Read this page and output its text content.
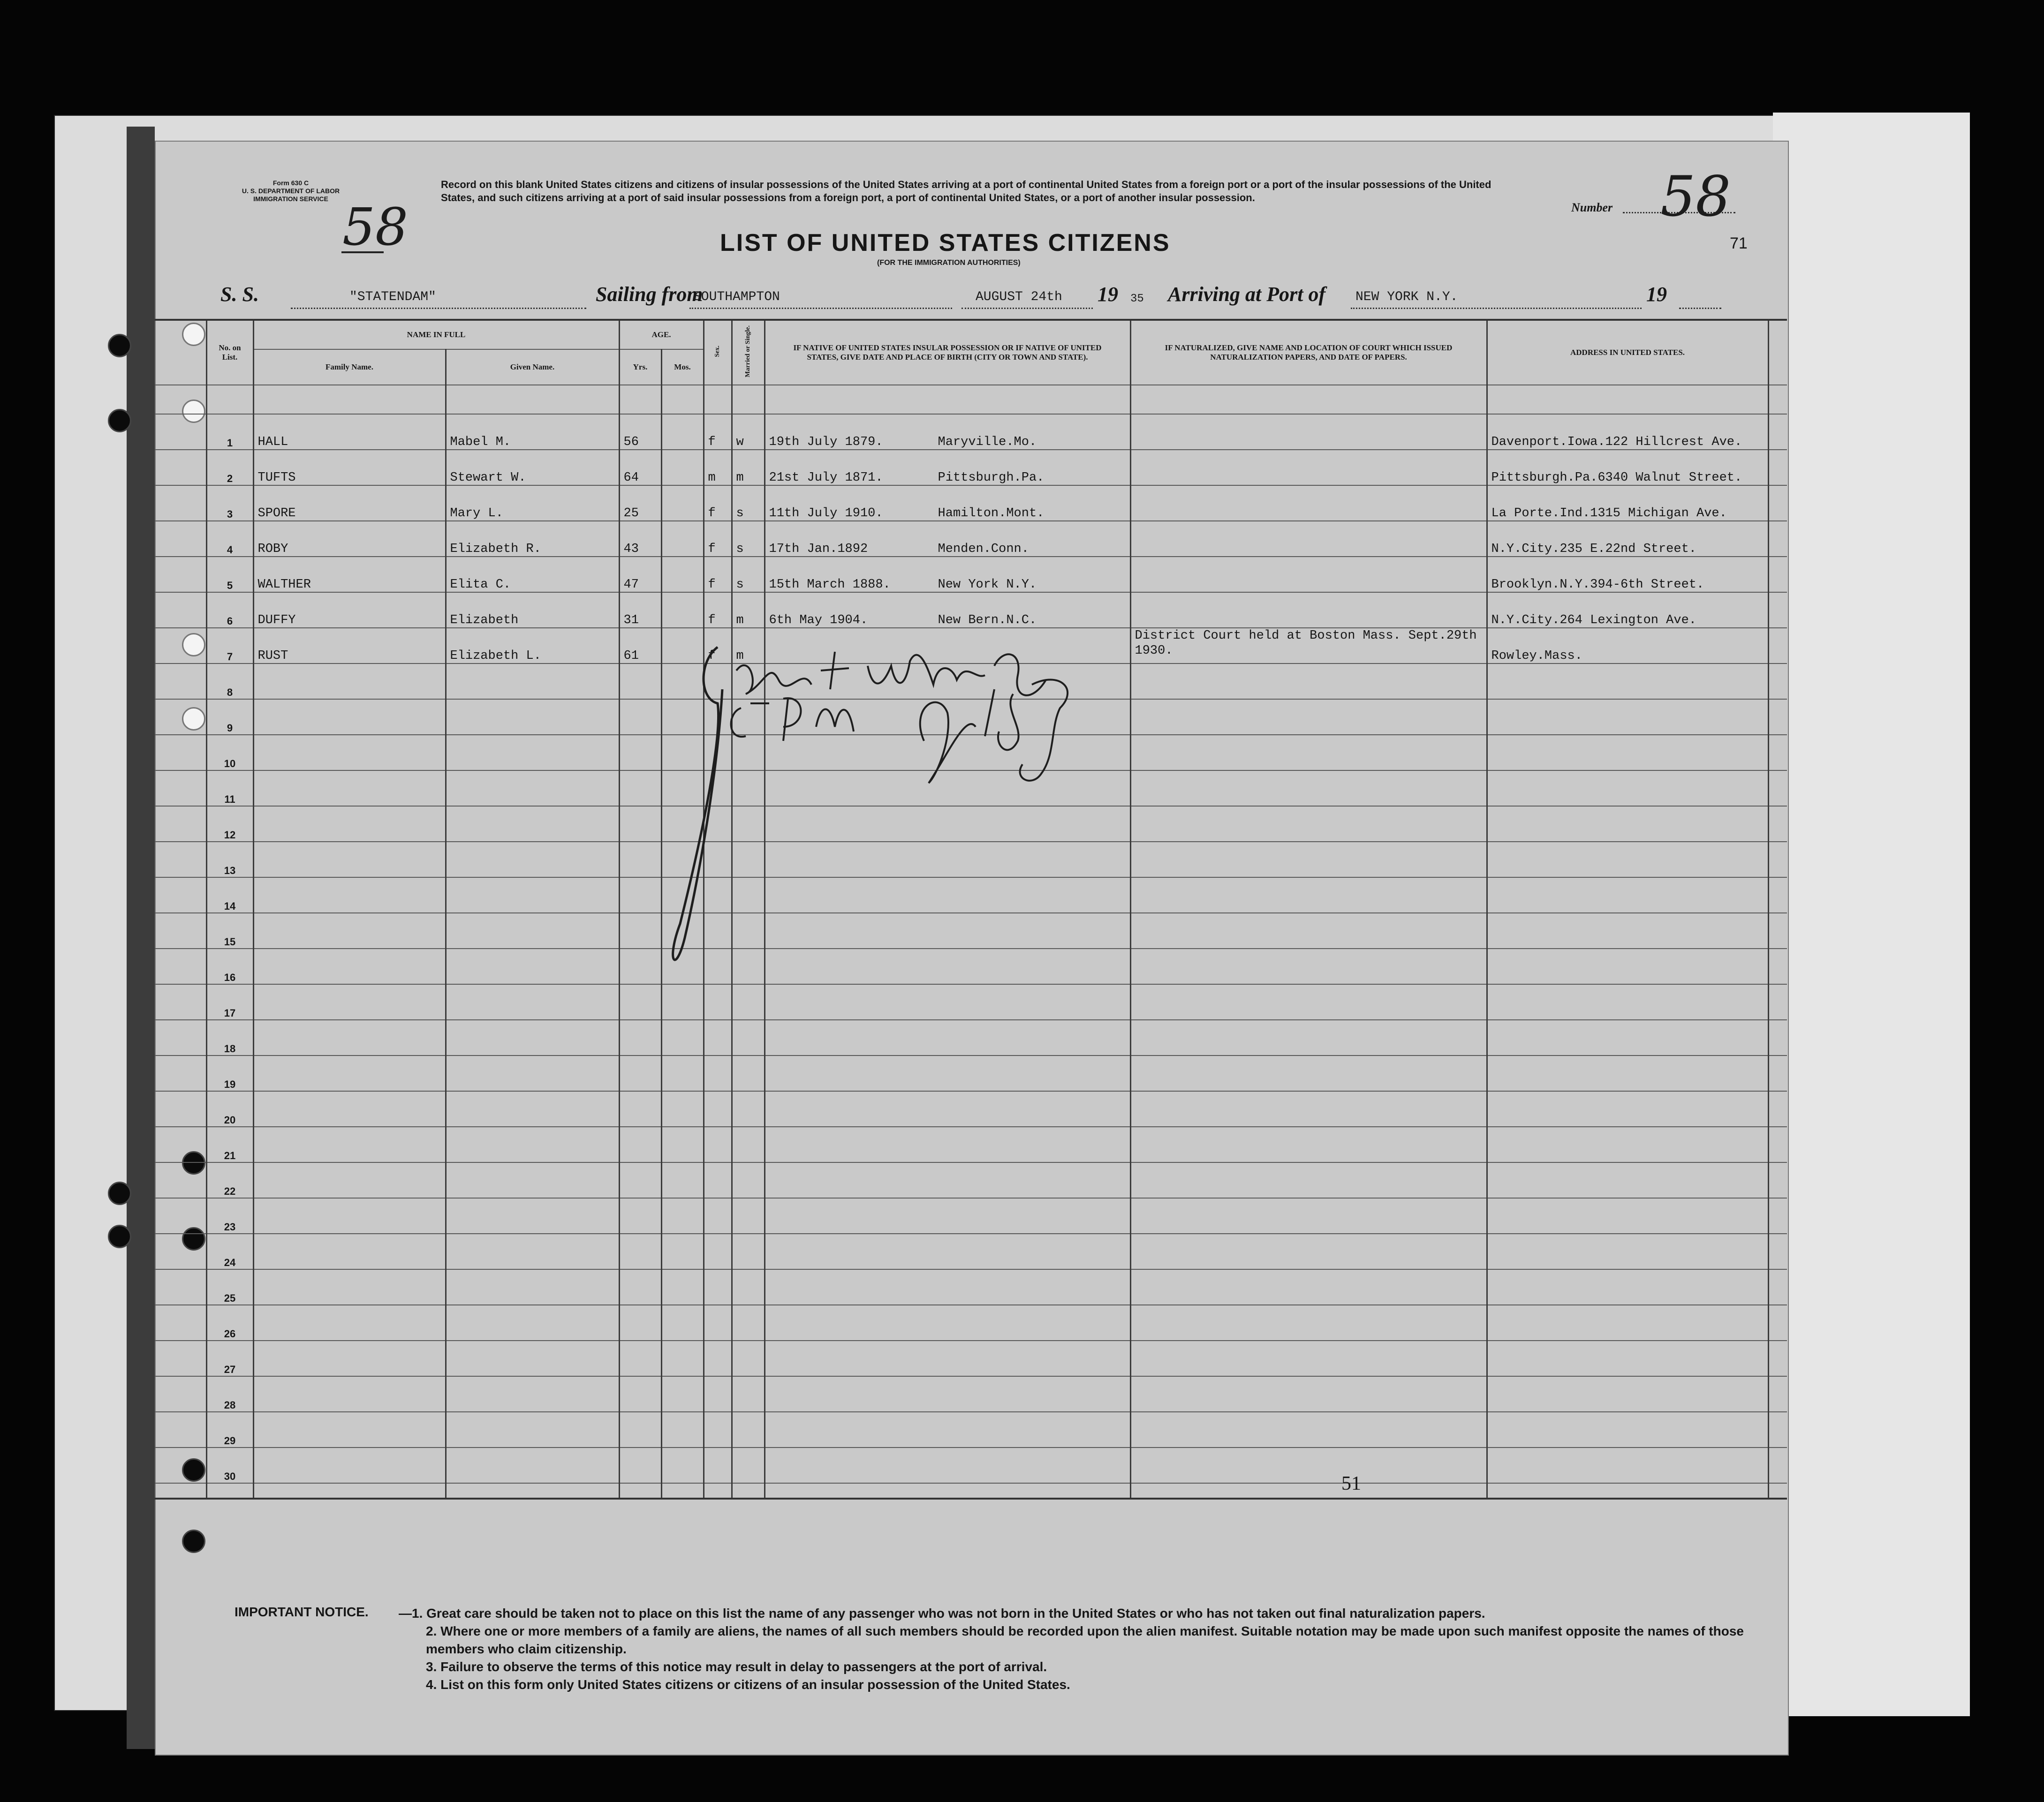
Form 630 C
U. S. DEPARTMENT OF LABOR
IMMIGRATION SERVICE 58
Record on this blank United States citizens and citizens of insular possessions of the United States arriving at a port of continental United States from a foreign port or a port of the insular possessions of the United States, and such citizens arriving at a port of said insular possessions from a foreign port, a port of continental United States, or a port of another insular possession.
Number 58
LIST OF UNITED STATES CITIZENS
(FOR THE IMMIGRATION AUTHORITIES)
71
S. S.	"STATENDAM"	Sailing from
SOUTHAMPTON	AUGUST 24th 19 35 Arriving at Port of NEW YORK N.Y.	19
	No. on List.	NAME IN FULL		AGE.		Sex.	Married or Single.	IF NATIVE OF UNITED STATES INSULAR POSSESSION OR IF NATIVE OF UNITED STATES, GIVE DATE AND PLACE OF BIRTH (CITY OR TOWN AND STATE).	IF NATURALIZED, GIVE NAME AND LOCATION OF COURT WHICH ISSUED NATURALIZATION PAPERS, AND DATE OF PAPERS.	ADDRESS IN UNITED STATES.	
		Family Name.	Given Name.	Yrs.	Mos.						

	1	HALL	Mabel M.	56		f	w	19th July 1879. Maryville.Mo.		Davenport.Iowa.122 Hillcrest Ave.	
	2	TUFTS	Stewart W.	64		m	m	21st July 1871. Pittsburgh.Pa.		Pittsburgh.Pa.6340 Walnut Street.	
	3	SPORE	Mary L.	25		f	s	11th July 1910. Hamilton.Mont.		La Porte.Ind.1315 Michigan Ave.	
	4	ROBY	Elizabeth R.	43		f	s	17th Jan.1892 Menden.Conn.		N.Y.City.235 E.22nd Street.	
	5	WALTHER	Elita C.	47		f	s	15th March 1888. New York N.Y.		Brooklyn.N.Y.394-6th Street.	
	6	DUFFY	Elizabeth	31		f	m	6th May 1904. New Bern.N.C.		N.Y.City.264 Lexington Ave.	
	7	RUST	Elizabeth L.	61		f	m		District Court held at Boston Mass. Sept.29th 1930.	Rowley.Mass.	
	8										
	9										
	10										
	11										
	12										
	13										
	14										
	15										
	16										
	17										
	18										
	19										
	20										
	21										
	22										
	23										
	24										
	25										
	26										
	27										
	28										
	29										
	30										
												51
IMPORTANT NOTICE. —1. Great care should be taken not to place on this list the name of any passenger who was not born in the United States or who has not taken out final naturalization papers.
2. Where one or more members of a family are aliens, the names of all such members should be recorded upon the alien manifest. Suitable notation may be made upon such manifest opposite the names of those members who claim citizenship.
3. Failure to observe the terms of this notice may result in delay to passengers at the port of arrival.
4. List on this form only United States citizens or citizens of an insular possession of the United States.
